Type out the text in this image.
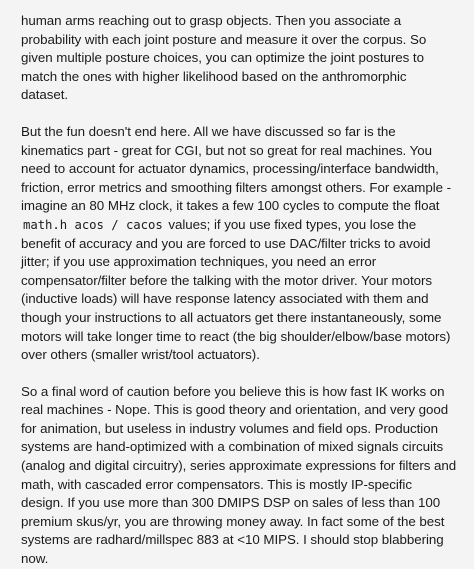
human arms reaching out to grasp objects. Then you associate a probability with each joint posture and measure it over the corpus. So given multiple posture choices, you can optimize the joint postures to match the ones with higher likelihood based on the anthromorphic dataset.

But the fun doesn't end here. All we have discussed so far is the kinematics part - great for CGI, but not so great for real machines. You need to account for actuator dynamics, processing/interface bandwidth, friction, error metrics and smoothing filters amongst others. For example - imagine an 80 MHz clock, it takes a few 100 cycles to compute the float math.h acos / cacos values; if you use fixed types, you lose the benefit of accuracy and you are forced to use DAC/filter tricks to avoid jitter; if you use approximation techniques, you need an error compensator/filter before the talking with the motor driver. Your motors (inductive loads) will have response latency associated with them and though your instructions to all actuators get there instantaneously, some motors will take longer time to react (the big shoulder/elbow/base motors) over others (smaller wrist/tool actuators).

So a final word of caution before you believe this is how fast IK works on real machines - Nope. This is good theory and orientation, and very good for animation, but useless in industry volumes and field ops. Production systems are hand-optimized with a combination of mixed signals circuits (analog and digital circuitry), series approximate expressions for filters and math, with cascaded error compensators. This is mostly IP-specific design. If you use more than 300 DMIPS DSP on sales of less than 100 premium skus/yr, you are throwing money away. In fact some of the best systems are radhard/millspec 883 at <10 MIPS. I should stop blabbering now.
